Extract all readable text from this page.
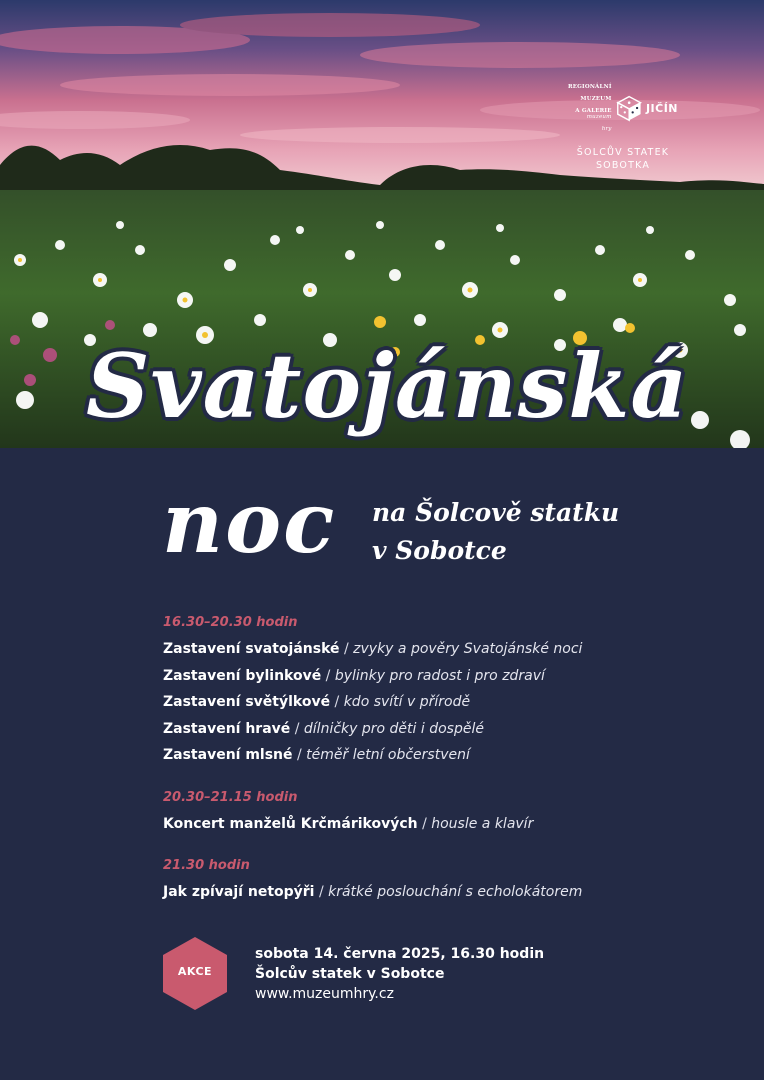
REGIONÁLNÍ

MUZEUM

A GALERIE

muzeum

hry

JIČÍN
ŠOLCŮV STATEK
SOBOTKA
Svatojánská
noc na Šolcově statku
v Sobotce
16.30–20.30 hodin
Zastavení svatojánské / zvyky a pověry Svatojánské noci
Zastavení bylinkové / bylinky pro radost i pro zdraví
Zastavení světýlkové / kdo svítí v přírodě
Zastavení hravé / dílničky pro děti i dospělé
Zastavení mlsné / téměř letní občerstvení
20.30–21.15 hodin
Koncert manželů Krčmárikových / housle a klavír
21.30 hodin
Jak zpívají netopýři / krátké poslouchání s echolokátorem
AKCE
sobota 14. června 2025, 16.30 hodin
Šolcův statek v Sobotce
www.muzeumhry.cz
